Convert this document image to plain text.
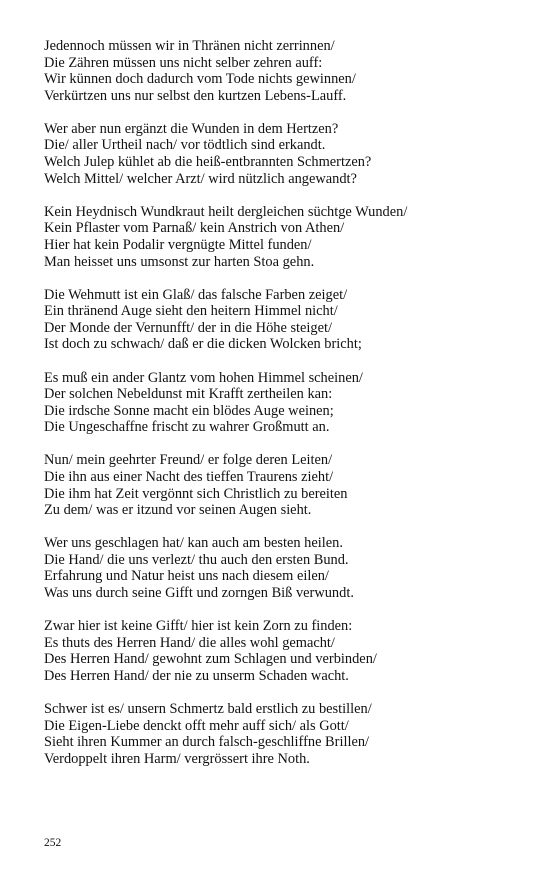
Jedennoch müssen wir in Thränen nicht zerrinnen/
Die Zähren müssen uns nicht selber zehren auff:
Wir künnen doch dadurch vom Tode nichts gewinnen/
Verkürtzen uns nur selbst den kurtzen Lebens-Lauff.
Wer aber nun ergänzt die Wunden in dem Hertzen?
Die/ aller Urtheil nach/ vor tödtlich sind erkandt.
Welch Julep kühlet ab die heiß-entbrannten Schmertzen?
Welch Mittel/ welcher Arzt/ wird nützlich angewandt?
Kein Heydnisch Wundkraut heilt dergleichen süchtge Wunden/
Kein Pflaster vom Parnaß/ kein Anstrich von Athen/
Hier hat kein Podalir vergnügte Mittel funden/
Man heisset uns umsonst zur harten Stoa gehn.
Die Wehmutt ist ein Glaß/ das falsche Farben zeiget/
Ein thränend Auge sieht den heitern Himmel nicht/
Der Monde der Vernunfft/ der in die Höhe steiget/
Ist doch zu schwach/ daß er die dicken Wolcken bricht;
Es muß ein ander Glantz vom hohen Himmel scheinen/
Der solchen Nebeldunst mit Krafft zertheilen kan:
Die irdsche Sonne macht ein blödes Auge weinen;
Die Ungeschaffne frischt zu wahrer Großmutt an.
Nun/ mein geehrter Freund/ er folge deren Leiten/
Die ihn aus einer Nacht des tieffen Traurens zieht/
Die ihm hat Zeit vergönnt sich Christlich zu bereiten
Zu dem/ was er itzund vor seinen Augen sieht.
Wer uns geschlagen hat/ kan auch am besten heilen.
Die Hand/ die uns verlezt/ thu auch den ersten Bund.
Erfahrung und Natur heist uns nach diesem eilen/
Was uns durch seine Gifft und zorngen Biß verwundt.
Zwar hier ist keine Gifft/ hier ist kein Zorn zu finden:
Es thuts des Herren Hand/ die alles wohl gemacht/
Des Herren Hand/ gewohnt zum Schlagen und verbinden/
Des Herren Hand/ der nie zu unserm Schaden wacht.
Schwer ist es/ unsern Schmertz bald erstlich zu bestillen/
Die Eigen-Liebe denckt offt mehr auff sich/ als Gott/
Sieht ihren Kummer an durch falsch-geschliffne Brillen/
Verdoppelt ihren Harm/ vergrössert ihre Noth.
252
